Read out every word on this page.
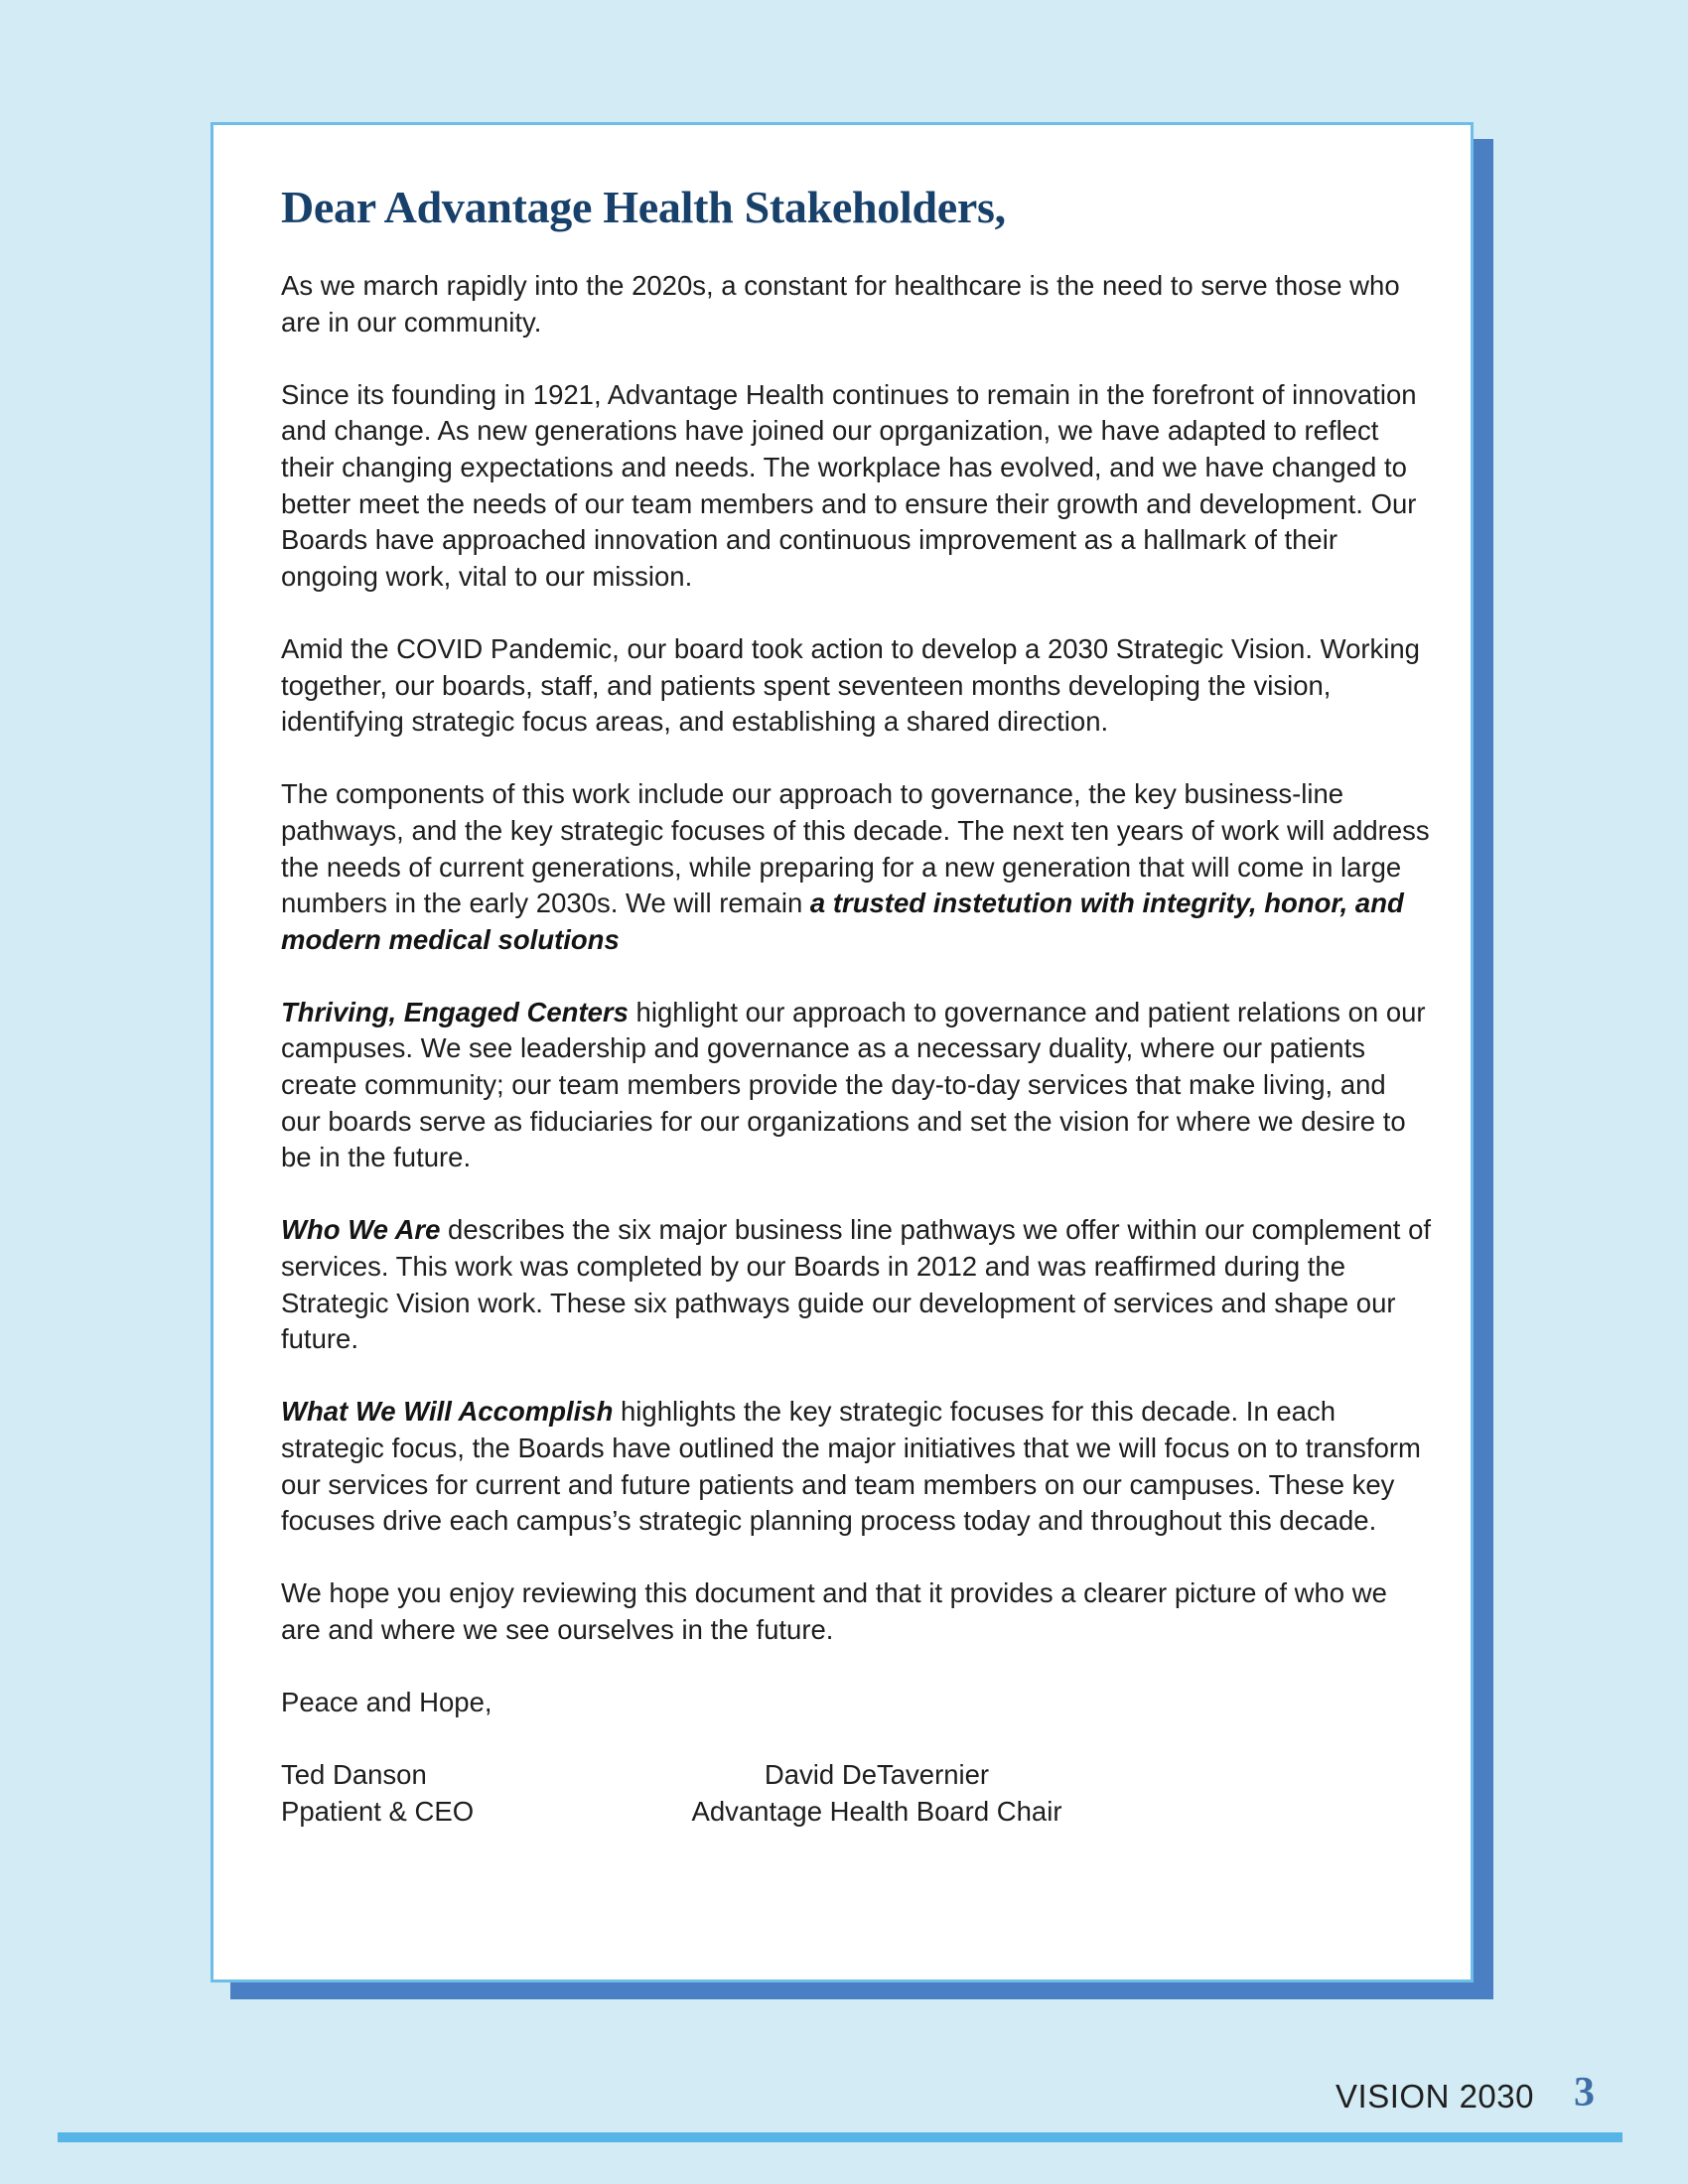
Dear Advantage Health Stakeholders,

As we march rapidly into the 2020s, a constant for healthcare is the need to serve those who are in our community.

Since its founding in 1921, Advantage Health continues to remain in the forefront of innovation and change. As new generations have joined our oprganization, we have adapted to reflect their changing expectations and needs. The workplace has evolved, and we have changed to better meet the needs of our team members and to ensure their growth and development. Our Boards have approached innovation and continuous improvement as a hallmark of their ongoing work, vital to our mission.

Amid the COVID Pandemic, our board took action to develop a 2030 Strategic Vision. Working together, our boards, staff, and patients spent seventeen months developing the vision, identifying strategic focus areas, and establishing a shared direction.

The components of this work include our approach to governance, the key business-line pathways, and the key strategic focuses of this decade. The next ten years of work will address the needs of current generations, while preparing for a new generation that will come in large numbers in the early 2030s. We will remain a trusted instetution with integrity, honor, and modern medical solutions

Thriving, Engaged Centers highlight our approach to governance and patient relations on our campuses. We see leadership and governance as a necessary duality, where our patients create community; our team members provide the day-to-day services that make living, and our boards serve as fiduciaries for our organizations and set the vision for where we desire to be in the future.

Who We Are describes the six major business line pathways we offer within our complement of services. This work was completed by our Boards in 2012 and was reaffirmed during the Strategic Vision work. These six pathways guide our development of services and shape our future.

What We Will Accomplish highlights the key strategic focuses for this decade. In each strategic focus, the Boards have outlined the major initiatives that we will focus on to transform our services for current and future patients and team members on our campuses. These key focuses drive each campus’s strategic planning process today and throughout this decade.

We hope you enjoy reviewing this document and that it provides a clearer picture of who we are and where we see ourselves in the future.

Peace and Hope,

Ted Danson
Ppatient & CEO
David DeTavernier
Advantage Health Board Chair
VISION 2030 3
